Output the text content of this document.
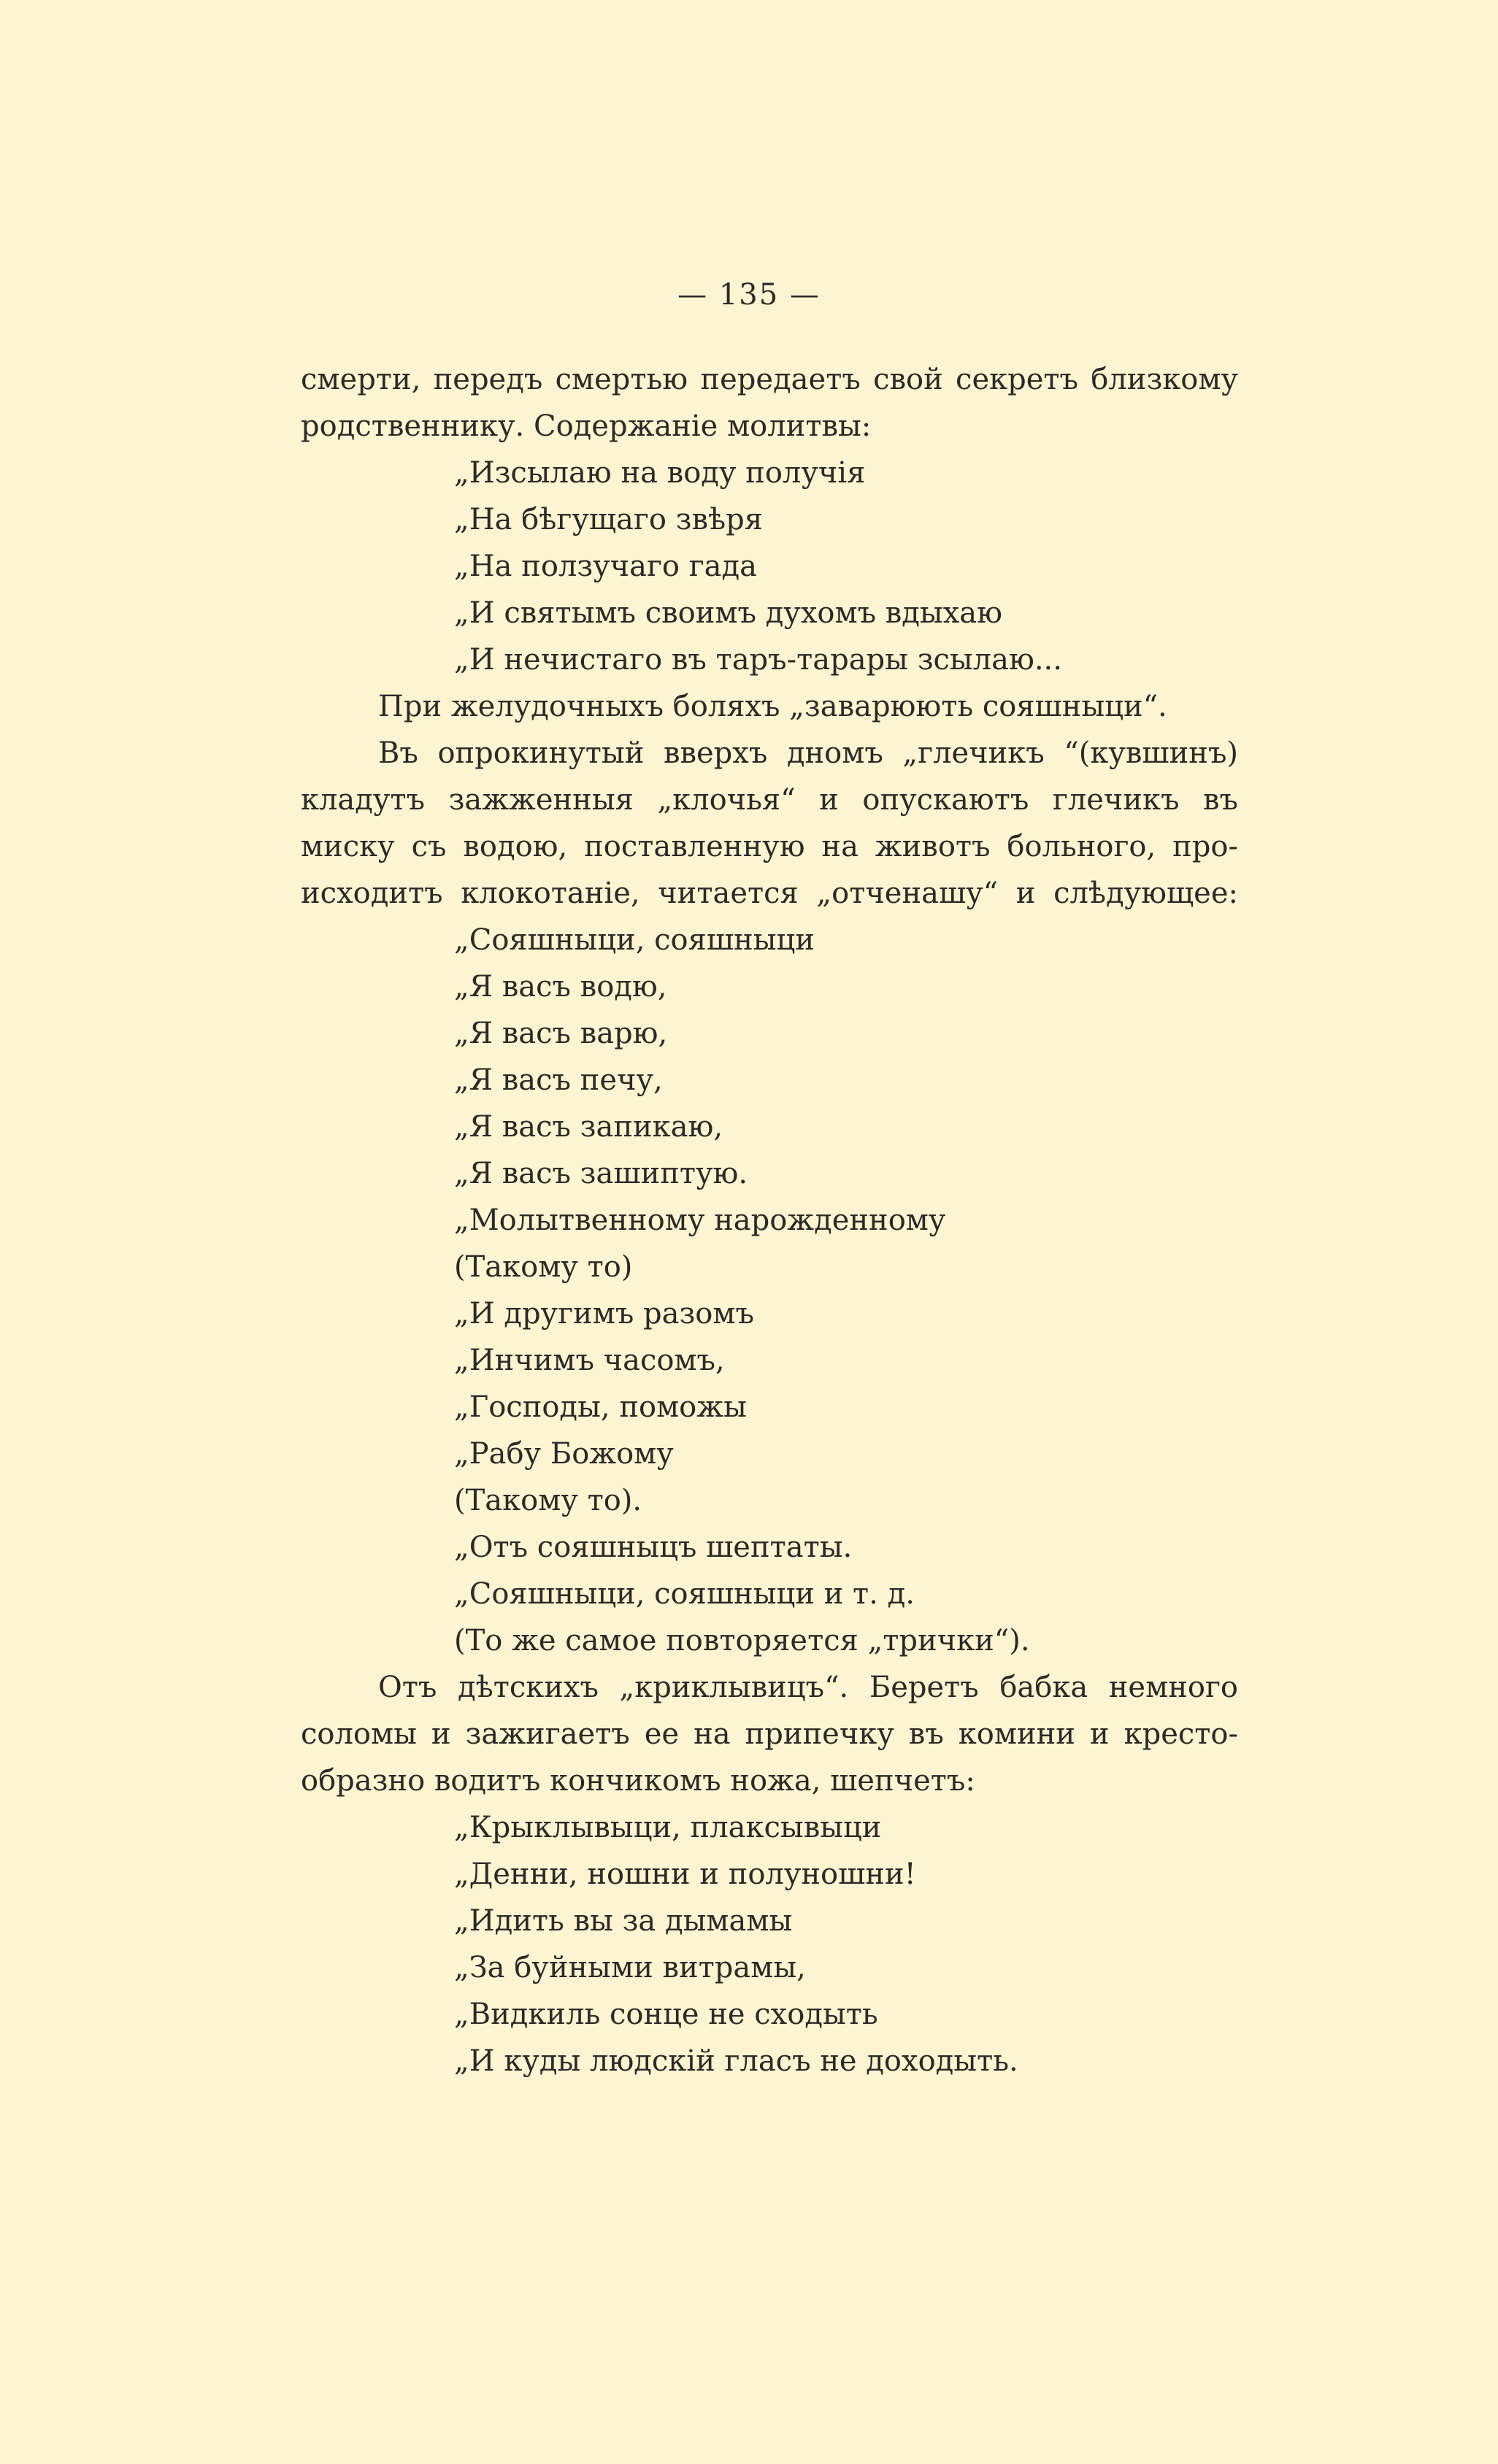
— 135 —
смерти, передъ смертью передаетъ свой секретъ близкому
родственнику. Содержаніе молитвы:
„Изсылаю на воду получія
„На бѣгущаго звѣря
„На ползучаго гада
„И святымъ своимъ духомъ вдыхаю
„И нечистаго въ таръ-тарары зсылаю...
При желудочныхъ боляхъ „заварюють сояшныци“.
Въ опрокинутый вверхъ дномъ „глечикъ “(кувшинъ)
кладутъ зажженныя „клочья“ и опускаютъ глечикъ въ
миску съ водою, поставленную на животъ больного, про-
исходитъ клокотаніе, читается „отченашу“ и слѣдующее:
„Сояшныци, сояшныци
„Я васъ водю,
„Я васъ варю,
„Я васъ печу,
„Я васъ запикаю,
„Я васъ зашиптую.
„Молытвенному нарожденному
(Такому то)
„И другимъ разомъ
„Инчимъ часомъ,
„Господы, поможы
„Рабу Божому
(Такому то).
„Отъ сояшныцъ шептаты.
„Сояшныци, сояшныци и т. д.
(То же самое повторяется „трички“).
Отъ дѣтскихъ „криклывицъ“. Беретъ бабка немного
соломы и зажигаетъ ее на припечку въ комини и кресто-
образно водитъ кончикомъ ножа, шепчетъ:
„Крыклывыци, плаксывыци
„Денни, ношни и полуношни!
„Идить вы за дымамы
„За буйными витрамы,
„Видкиль сонце не сходыть
„И куды людскій гласъ не доходыть.
